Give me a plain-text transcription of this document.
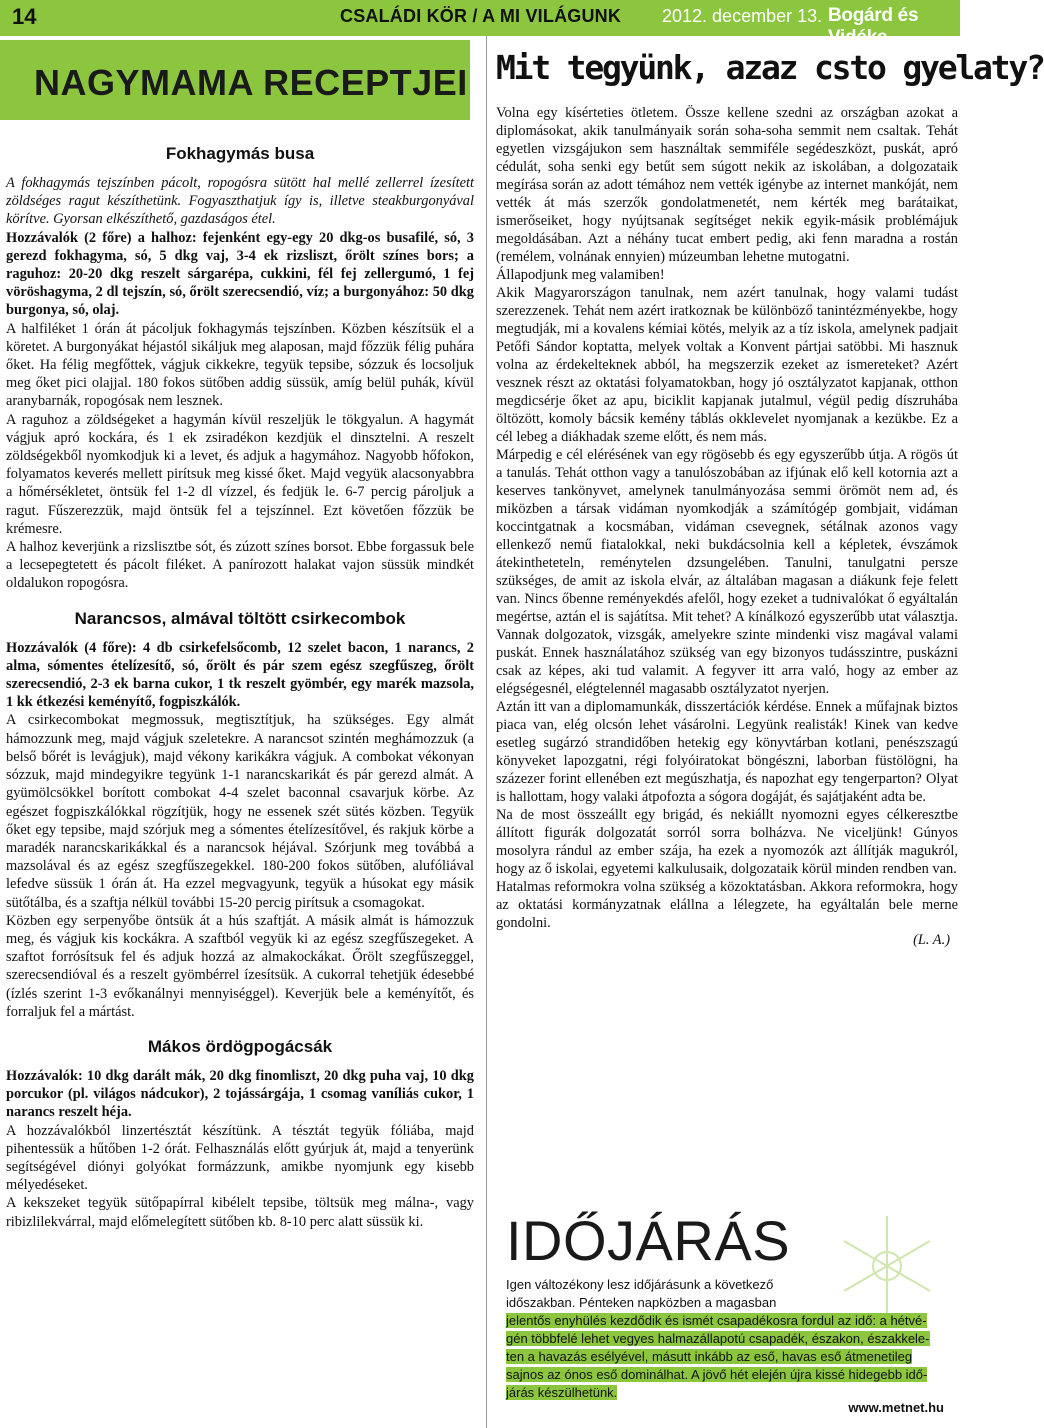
14	CSALÁDI KÖR / A MI VILÁGUNK 2012. december 13. Bogárd és Vidéke
NAGYMAMA RECEPTJEI
Fokhagymás busa

A fokhagymás tejszínben pácolt, ropogósra sütött hal mellé zellerrel ízesített zöldséges ragut készíthetünk. Fogyaszthatjuk így is, illetve steakburgonyával körítve. Gyorsan elkészíthető, gazdaságos étel.

Hozzávalók (2 főre) a halhoz: fejenként egy-egy 20 dkg-os busafilé, só, 3 gerezd fokhagyma, só, 5 dkg vaj, 3-4 ek rizsliszt, őrölt színes bors; a raguhoz: 20-20 dkg reszelt sárgarépa, cukkini, fél fej zellergumó, 1 fej vöröshagyma, 2 dl tejszín, só, őrölt szerecsendió, víz; a burgonyához: 50 dkg burgonya, só, olaj.

A halfiléket 1 órán át pácoljuk fokhagymás tejszínben. Közben készítsük el a köretet. A burgonyákat héjastól sikáljuk meg alaposan, majd főzzük félig puhára őket. Ha félig megfőttek, vágjuk cikkekre, tegyük tepsibe, sózzuk és locsoljuk meg őket pici olajjal. 180 fokos sütőben addig süssük, amíg belül puhák, kívül aranybarnák, ropogósak nem lesznek.

A raguhoz a zöldségeket a hagymán kívül reszeljük le tökgyalun. A hagymát vágjuk apró kockára, és 1 ek zsiradékon kezdjük el dinsztelni. A reszelt zöldségekből nyomkodjuk ki a levet, és adjuk a hagymához. Nagyobb hőfokon, folyamatos keverés mellett pirítsuk meg kissé őket. Majd vegyük alacsonyabbra a hőmérsékletet, öntsük fel 1-2 dl vízzel, és fedjük le. 6-7 percig pároljuk a ragut. Fűszerezzük, majd öntsük fel a tejszínnel. Ezt követően főzzük be krémesre.

A halhoz keverjünk a rizslisztbe sót, és zúzott színes borsot. Ebbe forgassuk bele a lecsepegtetett és pácolt filéket. A panírozott halakat vajon süssük mindkét oldalukon ropogósra.

Narancsos, almával töltött csirkecombok

Hozzávalók (4 főre): 4 db csirkefelsőcomb, 12 szelet bacon, 1 narancs, 2 alma, sómentes ételízesítő, só, őrölt és pár szem egész szegfűszeg, őrölt szerecsendió, 2-3 ek barna cukor, 1 tk reszelt gyömbér, egy marék mazsola, 1 kk étkezési keményítő, fogpiszkálók.

A csirkecombokat megmossuk, megtisztítjuk, ha szükséges. Egy almát hámozzunk meg, majd vágjuk szeletekre. A narancsot szintén meghámozzuk (a belső bőrét is levágjuk), majd vékony karikákra vágjuk. A combokat vékonyan sózzuk, majd mindegyikre tegyünk 1-1 narancskarikát és pár gerezd almát. A gyümölcsökkel borított combokat 4-4 szelet baconnal csavarjuk körbe. Az egészet fogpiszkálókkal rögzítjük, hogy ne essenek szét sütés közben. Tegyük őket egy tepsibe, majd szórjuk meg a sómentes ételízesítővel, és rakjuk körbe a maradék narancskarikákkal és a narancsok héjával. Szórjunk meg továbbá a mazsolával és az egész szegfűszegekkel. 180-200 fokos sütőben, alufóliával lefedve süssük 1 órán át. Ha ezzel megvagyunk, tegyük a húsokat egy másik sütőtálba, és a szaftja nélkül további 15-20 percig pirítsuk a csomagokat.

Közben egy serpenyőbe öntsük át a hús szaftját. A másik almát is hámozzuk meg, és vágjuk kis kockákra. A szaftból vegyük ki az egész szegfűszegeket. A szaftot forrósítsuk fel és adjuk hozzá az almakockákat. Őrölt szegfűszeggel, szerecsendióval és a reszelt gyömbérrel ízesítsük. A cukorral tehetjük édesebbé (ízlés szerint 1-3 evőkanálnyi mennyiséggel). Keverjük bele a keményítőt, és forraljuk fel a mártást.

Mákos ördögpogácsák

Hozzávalók: 10 dkg darált mák, 20 dkg finomliszt, 20 dkg puha vaj, 10 dkg porcukor (pl. világos nádcukor), 2 tojássárgája, 1 csomag vaníliás cukor, 1 narancs reszelt héja.

A hozzávalókból linzertésztát készítünk. A tésztát tegyük fóliába, majd pihentessük a hűtőben 1-2 órát. Felhasználás előtt gyúrjuk át, majd a tenyerünk segítségével diónyi golyókat formázzunk, amikbe nyomjunk egy kisebb mélyedéseket.

A kekszeket tegyük sütőpapírral kibélelt tepsibe, töltsük meg málna-, vagy ribizlilekvárral, majd előmelegített sütőben kb. 8-10 perc alatt süssük ki.

Mit tegyünk, azaz csto gyelaty?

Volna egy kísérteties ötletem. Össze kellene szedni az országban azokat a diplomásokat, akik tanulmányaik során soha-soha semmit nem csaltak. Tehát egyetlen vizsgájukon sem használtak semmiféle segédeszközt, puskát, apró cédulát, soha senki egy betűt sem súgott nekik az iskolában, a dolgozataik megírása során az adott témához nem vették igénybe az internet mankóját, nem vették át más szerzők gondolatmenetét, nem kérték meg barátaikat, ismerőseiket, hogy nyújtsanak segítséget nekik egyik-másik problémájuk megoldásában. Azt a néhány tucat embert pedig, aki fenn maradna a rostán (remélem, volnának ennyien) múzeumban lehetne mutogatni.

Állapodjunk meg valamiben!

Akik Magyarországon tanulnak, nem azért tanulnak, hogy valami tudást szerezzenek. Tehát nem azért iratkoznak be különböző tanintézményekbe, hogy megtudják, mi a kovalens kémiai kötés, melyik az a tíz iskola, amelynek padjait Petőfi Sándor koptatta, melyek voltak a Konvent pártjai satöbbi. Mi hasznuk volna az érdekelteknek abból, ha megszerzik ezeket az ismereteket? Azért vesznek részt az oktatási folyamatokban, hogy jó osztályzatot kapjanak, otthon megdicsérje őket az apu, biciklit kapjanak jutalmul, végül pedig díszruhába öltözött, komoly bácsik kemény táblás okklevelet nyomjanak a kezükbe. Ez a cél lebeg a diákhadak szeme előtt, és nem más.

Márpedig e cél elérésének van egy rögösebb és egy egyszerűbb útja. A rögös út a tanulás. Tehát otthon vagy a tanulószobában az ifjúnak elő kell kotornia azt a keserves tankönyvet, amelynek tanulmányozása semmi örömöt nem ad, és miközben a társak vidáman nyomkodják a számítógép gombjait, vidáman koccintgatnak a kocsmában, vidáman csevegnek, sétálnak azonos vagy ellenkező nemű fiatalokkal, neki bukdácsolnia kell a képletek, évszámok átekintheteteln, reménytelen dzsungelében. Tanulni, tanulgatni persze szükséges, de amit az iskola elvár, az általában magasan a diákunk feje felett van. Nincs őbenne reményekdés afelől, hogy ezeket a tudnivalókat ő egyáltalán megértse, aztán el is sajátítsa. Mit tehet? A kínálkozó egyszerűbb utat választja. Vannak dolgozatok, vizsgák, amelyekre szinte mindenki visz magával valami puskát. Ennek használatához szükség van egy bizonyos tudásszintre, puskázni csak az képes, aki tud valamit. A fegyver itt arra való, hogy az ember az elégségesnél, elégtelennél magasabb osztályzatot nyerjen.

Aztán itt van a diplomamunkák, disszertációk kérdése. Ennek a műfajnak biztos piaca van, elég olcsón lehet vásárolni. Legyünk realisták! Kinek van kedve esetleg sugárzó strandidőben hetekig egy könyvtárban kotlani, penészszagú könyveket lapozgatni, régi folyóiratokat böngészni, laborban füstölögni, ha százezer forint ellenében ezt megúszhatja, és napozhat egy tengerparton? Olyat is hallottam, hogy valaki átpofozta a sógora dogáját, és sajátjaként adta be.

Na de most összeállt egy brigád, és nekiállt nyomozni egyes célkeresztbe állított figurák dolgozatát sorról sorra bolházva. Ne viceljünk! Gúnyos mosolyra rándul az ember szája, ha ezek a nyomozók azt állítják magukról, hogy az ő iskolai, egyetemi kalkulusaik, dolgozataik körül minden rendben van.

Hatalmas reformokra volna szükség a közoktatásban. Akkora reformokra, hogy az oktatási kormányzatnak elállna a lélegzete, ha egyáltalán bele merne gondolni.

(L. A.)
IDŐJÁRÁS
Igen változékony lesz időjárásunk a következő
időszakban. Pénteken napközben a magasban
jelentős enyhülés kezdődik és ismét csapadékosra fordul az idő: a hétvé-
gén többfelé lehet vegyes halmazállapotú csapadék, északon, északkele-
ten a havazás esélyével, másutt inkább az eső, havas eső átmenetileg
sajnos az ónos eső dominálhat. A jövő hét elején újra kissé hidegebb idő-
járás készülhetünk.
www.metnet.hu
